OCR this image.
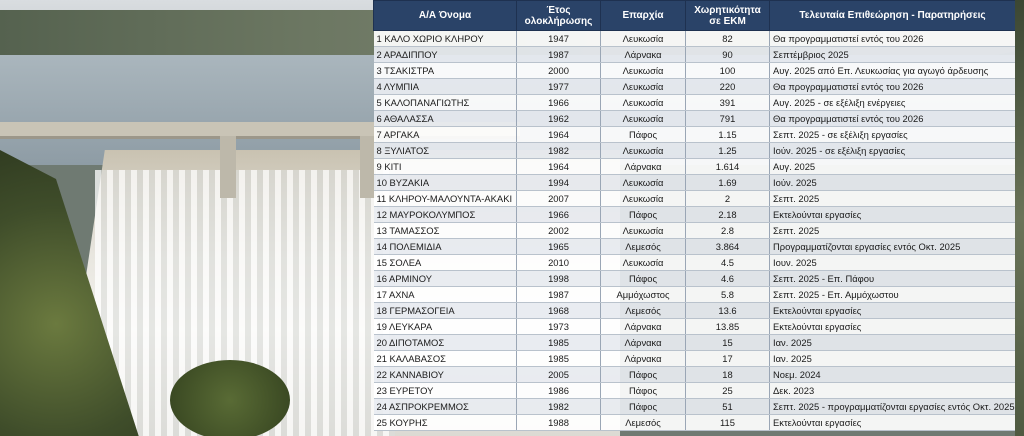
Α/Α Όνομα	Έτος ολοκλήρωσης	Επαρχία	Χωρητικότητα σε ΕΚΜ	Τελευταία Επιθεώρηση - Παρατηρήσεις
1 ΚΑΛΟ ΧΩΡΙΟ ΚΛΗΡΟΥ	1947	Λευκωσία	82	Θα προγραμματιστεί εντός του 2026
2 ΑΡΑΔΙΠΠΟΥ	1987	Λάρνακα	90	Σεπτέμβριος 2025
3 ΤΣΑΚΙΣΤΡΑ	2000	Λευκωσία	100	Αυγ. 2025 από Επ. Λευκωσίας για αγωγό άρδευσης
4 ΛΥΜΠΙΑ	1977	Λευκωσία	220	Θα προγραμματιστεί εντός του 2026
5 ΚΑΛΟΠΑΝΑΓΙΩΤΗΣ	1966	Λευκωσία	391	Αυγ. 2025 - σε εξέλιξη ενέργειες
6 ΑΘΑΛΑΣΣΑ	1962	Λευκωσία	791	Θα προγραμματιστεί εντός του 2026
7 ΑΡΓΑΚΑ	1964	Πάφος	1.15	Σεπτ. 2025 - σε εξέλιξη εργασίες
8 ΞΥΛΙΑΤΟΣ	1982	Λευκωσία	1.25	Ιούν. 2025 - σε εξέλιξη εργασίες
9 ΚΙΤΙ	1964	Λάρνακα	1.614	Αυγ. 2025
10 ΒΥΖΑΚΙΑ	1994	Λευκωσία	1.69	Ιούν. 2025
11 ΚΛΗΡΟΥ-ΜΑΛΟΥΝΤΑ-ΑΚΑΚΙ	2007	Λευκωσία	2	Σεπτ. 2025
12 ΜΑΥΡΟΚΟΛΥΜΠΟΣ	1966	Πάφος	2.18	Εκτελούνται εργασίες
13 ΤΑΜΑΣΣΟΣ	2002	Λευκωσία	2.8	Σεπτ. 2025
14 ΠΟΛΕΜΙΔΙΑ	1965	Λεμεσός	3.864	Προγραμματίζονται εργασίες εντός Οκτ. 2025
15 ΣΟΛΕΑ	2010	Λευκωσία	4.5	Ιουν. 2025
16 ΑΡΜΙΝΟΥ	1998	Πάφος	4.6	Σεπτ. 2025 - Επ. Πάφου
17 ΑΧΝΑ	1987	Αμμόχωστος	5.8	Σεπτ. 2025 - Επ. Αμμόχωστου
18 ΓΕΡΜΑΣΟΓΕΙΑ	1968	Λεμεσός	13.6	Εκτελούνται εργασίες
19 ΛΕΥΚΑΡΑ	1973	Λάρνακα	13.85	Εκτελούνται εργασίες
20 ΔΙΠΟΤΑΜΟΣ	1985	Λάρνακα	15	Ιαν. 2025
21 ΚΑΛΑΒΑΣΟΣ	1985	Λάρνακα	17	Ιαν. 2025
22 ΚΑΝΝΑΒΙΟΥ	2005	Πάφος	18	Νοεμ. 2024
23 ΕΥΡΕΤΟΥ	1986	Πάφος	25	Δεκ. 2023
24 ΑΣΠΡΟΚΡΕΜΜΟΣ	1982	Πάφος	51	Σεπτ. 2025 - προγραμματίζονται εργασίες εντός Οκτ. 2025
25 ΚΟΥΡΗΣ	1988	Λεμεσός	115	Εκτελούνται εργασίες
